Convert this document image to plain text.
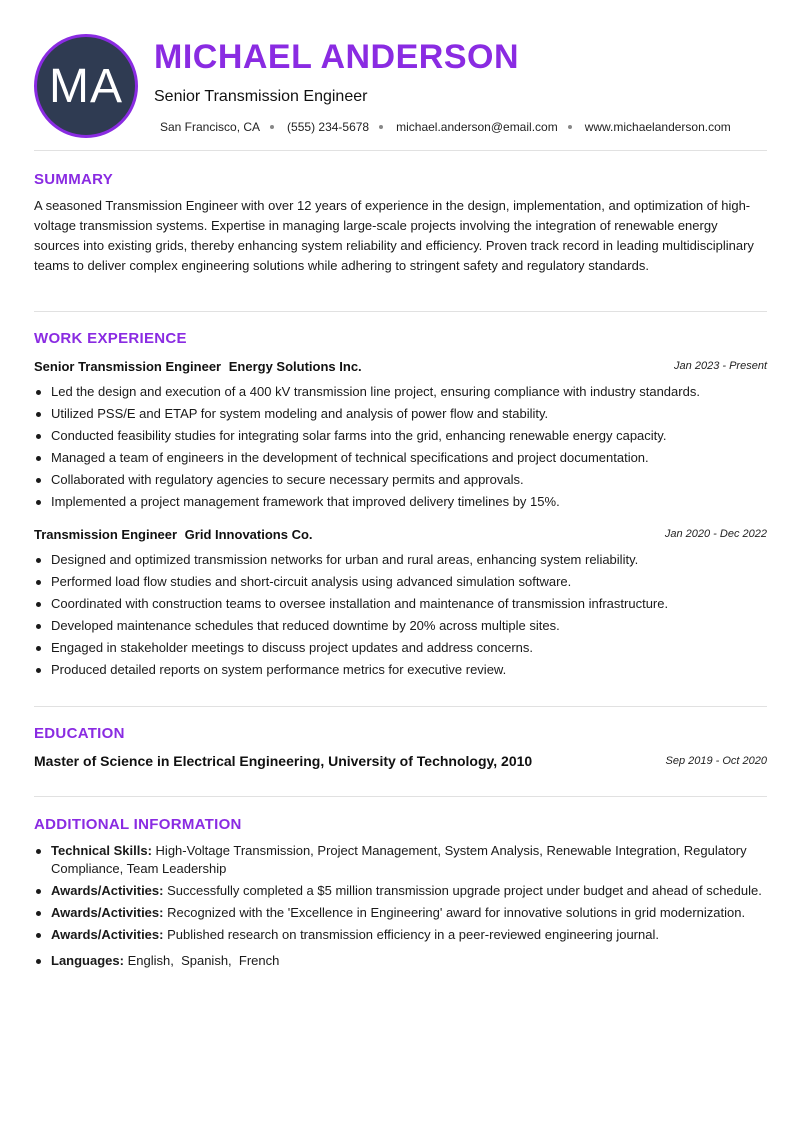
MA
MICHAEL ANDERSON
Senior Transmission Engineer
San Francisco, CA (555) 234-5678 michael.anderson@email.com www.michaelanderson.com
SUMMARY

A seasoned Transmission Engineer with over 12 years of experience in the design, implementation, and optimization of high-voltage transmission systems. Expertise in managing large-scale projects involving the integration of renewable energy sources into existing grids, thereby enhancing system reliability and efficiency. Proven track record in leading multidisciplinary teams to deliver complex engineering solutions while adhering to stringent safety and regulatory standards.

WORK EXPERIENCE
Senior Transmission Engineer Energy Solutions Inc.	Jan 2023 - Present
Led the design and execution of a 400 kV transmission line project, ensuring compliance with industry standards.
Utilized PSS/E and ETAP for system modeling and analysis of power flow and stability.
Conducted feasibility studies for integrating solar farms into the grid, enhancing renewable energy capacity.
Managed a team of engineers in the development of technical specifications and project documentation.
Collaborated with regulatory agencies to secure necessary permits and approvals.
Implemented a project management framework that improved delivery timelines by 15%.
Transmission Engineer Grid Innovations Co.	Jan 2020 - Dec 2022
Designed and optimized transmission networks for urban and rural areas, enhancing system reliability.
Performed load flow studies and short-circuit analysis using advanced simulation software.
Coordinated with construction teams to oversee installation and maintenance of transmission infrastructure.
Developed maintenance schedules that reduced downtime by 20% across multiple sites.
Engaged in stakeholder meetings to discuss project updates and address concerns.
Produced detailed reports on system performance metrics for executive review.
EDUCATION
Master of Science in Electrical Engineering, University of Technology, 2010	Sep 2019 - Oct 2020
ADDITIONAL INFORMATION
Technical Skills: High-Voltage Transmission, Project Management, System Analysis, Renewable Integration, Regulatory Compliance, Team Leadership
Awards/Activities: Successfully completed a $5 million transmission upgrade project under budget and ahead of schedule.
Awards/Activities: Recognized with the 'Excellence in Engineering' award for innovative solutions in grid modernization.
Awards/Activities: Published research on transmission efficiency in a peer-reviewed engineering journal.
Languages: English,  Spanish,  French
